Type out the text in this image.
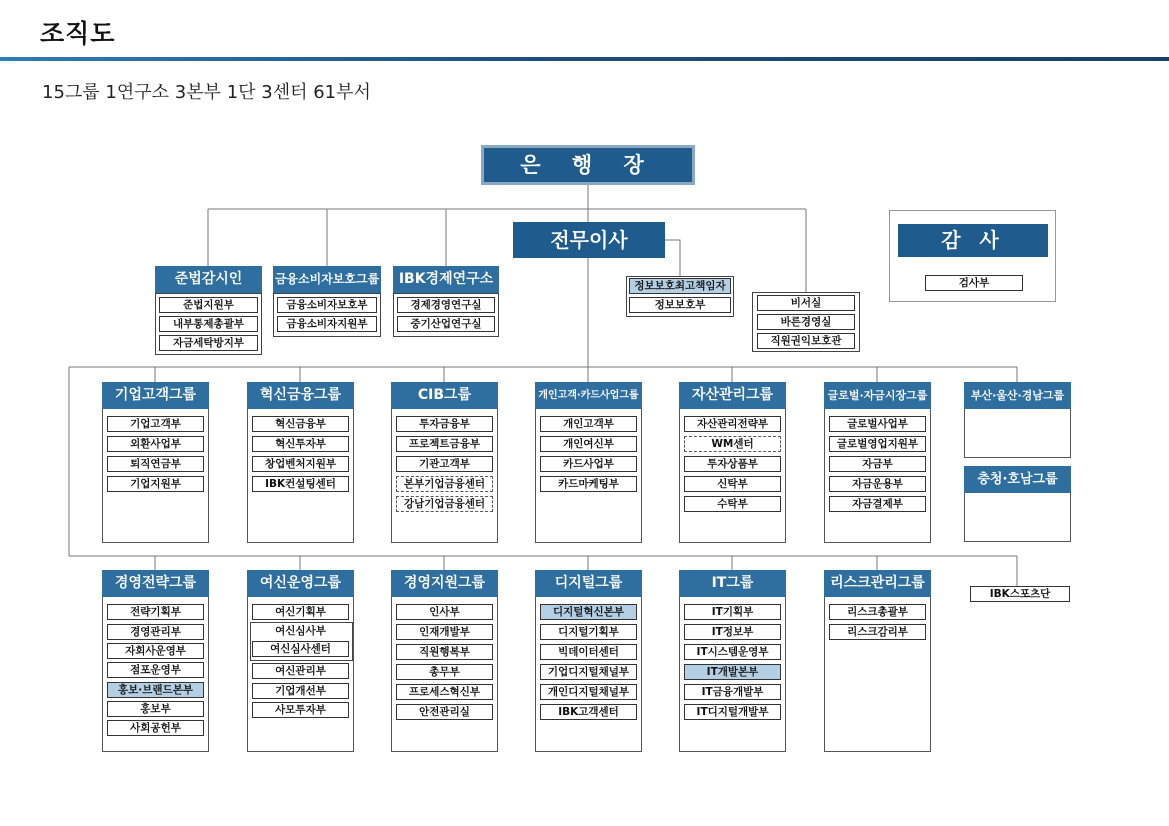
조직도
15그룹 1연구소 3본부 1단 3센터 61부서
은 행 장
전무이사	감 사
검사부
준법감시인
준법지원부
내부통제총괄부
자금세탁방지부
금융소비자보호그룹
금융소비자보호부
금융소비자지원부
IBK경제연구소
경제경영연구실
중기산업연구실
정보보호최고책임자
정보보호부	비서실
바른경영실
직원권익보호관
기업고객그룹
기업고객부
외환사업부
퇴직연금부
기업지원부
혁신금융그룹
혁신금융부
혁신투자부
창업벤처지원부
IBK컨설팅센터
CIB그룹
투자금융부
프로젝트금융부
기관고객부
본부기업금융센터
강남기업금융센터
개인고객·카드사업그룹
개인고객부
개인여신부
카드사업부
카드마케팅부
자산관리그룹
자산관리전략부
WM센터
투자상품부
신탁부
수탁부
글로벌·자금시장그룹
글로벌사업부
글로벌영업지원부
자금부
자금운용부
자금결제부
부산·울산·경남그룹
충청·호남그룹
경영전략그룹
전략기획부
경영관리부
자회사운영부
점포운영부
홍보·브랜드본부
홍보부
사회공헌부
여신운영그룹
여신기획부
여신심사부
여신심사센터
여신관리부
기업개선부
사모투자부
경영지원그룹
인사부
인재개발부
직원행복부
총무부
프로세스혁신부
안전관리실
디지털그룹
디지털혁신본부
디지털기획부
빅데이터센터
기업디지털채널부
개인디지털채널부
IBK고객센터
IT그룹
IT기획부
IT정보부
IT시스템운영부
IT개발본부
IT금융개발부
IT디지털개발부
리스크관리그룹
리스크총괄부
리스크감리부
IBK스포츠단
